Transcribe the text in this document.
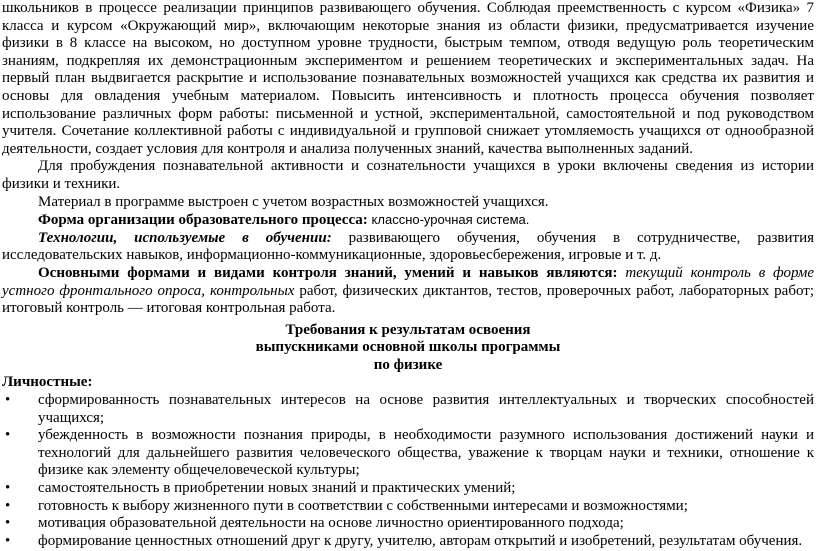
школьников в процессе реализации принципов развивающего обучения. Соблюдая преемственность с курсом «Физика» 7 класса и курсом «Окружающий мир», включающим некоторые знания из области физики, предусматривается изучение физики в 8 классе на высоком, но доступном уровне трудности, быстрым темпом, отводя ведущую роль теоретическим знаниям, подкрепляя их демонстрационным экспериментом и решением теоретических и экспериментальных задач. На первый план выдвигается раскрытие и использование познавательных возможностей учащихся как средства их развития и основы для овладения учебным материалом. Повысить интенсивность и плотность процесса обучения позволяет использование различных форм работы: письменной и устной, экспериментальной, самостоятельной и под руководством учителя. Сочетание коллективной работы с индивидуальной и групповой снижает утомляемость учащихся от однообразной деятельности, создает условия для контроля и анализа полученных знаний, качества выполненных заданий.

Для пробуждения познавательной активности и сознательности учащихся в уроки включены сведения из истории физики и техники.

Материал в программе выстроен с учетом возрастных возможностей учащихся.

Форма организации образовательного процесса: классно-урочная система.

Технологии, используемые в обучении: развивающего обучения, обучения в сотрудничестве, развития исследовательских навыков, информационно-коммуникационные, здоровьесбережения, игровые и т. д.

Основными формами и видами контроля знаний, умений и навыков являются: текущий контроль в форме устного фронтального опроса, контрольных работ, физических диктантов, тестов, проверочных работ, лабораторных работ; итоговый контроль — итоговая контрольная работа.

Требования к результатам освоения

выпускниками основной школы программы

по физике

Личностные:

• сформированность познавательных интересов на основе развития интеллектуальных и творческих способностей учащихся;
• убежденность в возможности познания природы, в необходимости разумного использования достижений науки и технологий для дальнейшего развития человеческого общества, уважение к творцам науки и техники, отношение к физике как элементу общечеловеческой культуры;
• самостоятельность в приобретении новых знаний и практических умений;
• готовность к выбору жизненного пути в соответствии с собственными интересами и возможностями;
• мотивация образовательной деятельности на основе личностно ориентированного подхода;
• формирование ценностных отношений друг к другу, учителю, авторам открытий и изобретений, результатам обучения.
